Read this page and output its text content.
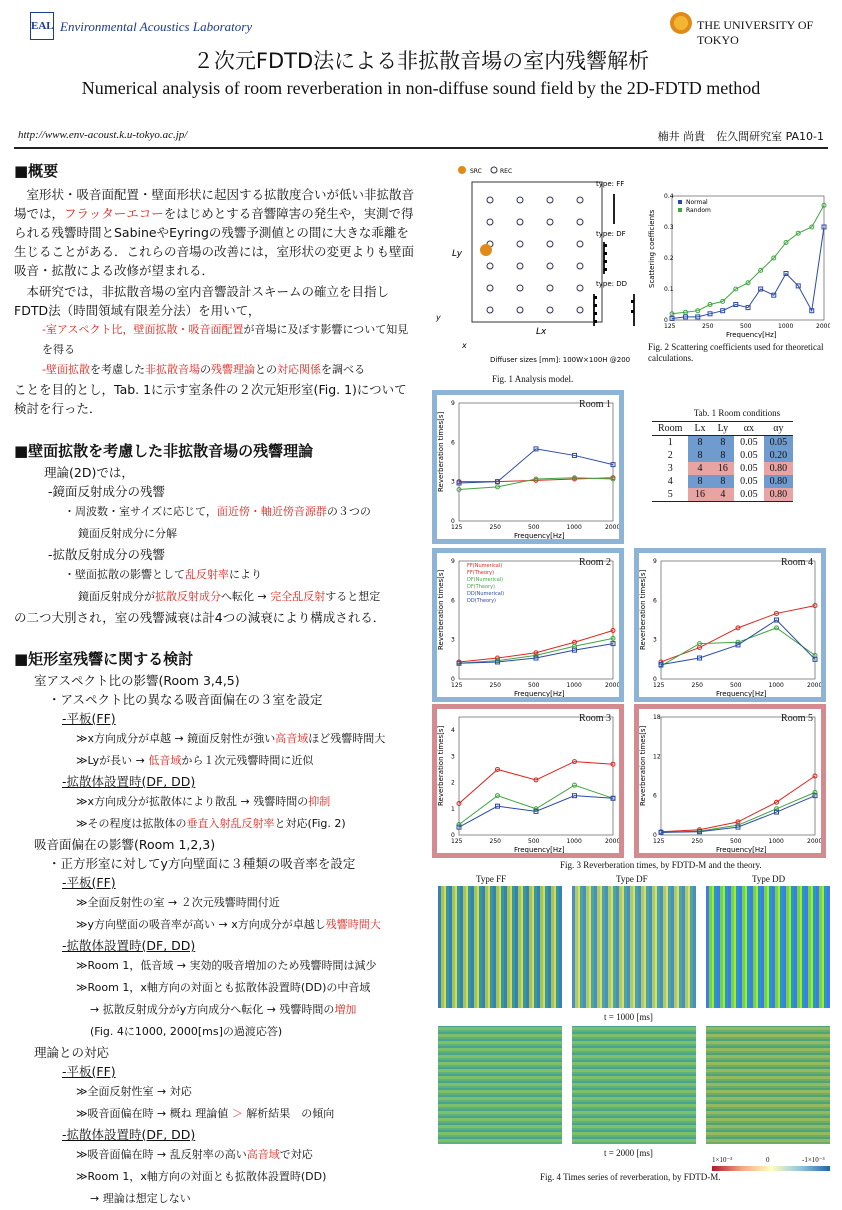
EAL Environmental Acoustics Laboratory	THE UNIVERSITY OF TOKYO
２次元FDTD法による非拡散音場の室内残響解析
Numerical analysis of room reverberation in non-diffuse sound field by the 2D-FDTD method
http://www.env-acoust.k.u-tokyo.ac.jp/	楠井 尚貴　佐久間研究室 PA10-1
■概要
　室形状・吸音面配置・壁面形状に起因する拡散度合いが低い非拡散音場では，フラッターエコーをはじめとする音響障害の発生や，実測で得られる残響時間とSabineやEyringの残響予測値との間に大きな乖離を生じることがある．これらの音場の改善には，室形状の変更よりも壁面吸音・拡散による改修が望まれる．
　本研究では，非拡散音場の室内音響設計スキームの確立を目指しFDTD法（時間領域有限差分法）を用いて，
-室アスペクト比，壁面拡散・吸音面配置が音場に及ぼす影響について知見を得る
-壁面拡散を考慮した非拡散音場の残響理論との対応関係を調べる
ことを目的とし，Tab. 1に示す室条件の２次元矩形室(Fig. 1)について検討を行った．
■壁面拡散を考慮した非拡散音場の残響理論
理論(2D)では，
-鏡面反射成分の残響
・周波数・室サイズに応じて，面近傍・軸近傍音源群の３つの
鏡面反射成分に分解
-拡散反射成分の残響
・壁面拡散の影響として乱反射率により
鏡面反射成分が拡散反射成分へ転化 → 完全乱反射すると想定
の二つ大別され，室の残響減衰は計4つの減衰により構成される．
■矩形室残響に関する検討
室アスペクト比の影響(Room 3,4,5)
・アスペクト比の異なる吸音面偏在の３室を設定
-平板(FF)
≫x方向成分が卓越 → 鏡面反射性が強い高音域ほど残響時間大
≫Lyが長い → 低音域から１次元残響時間に近似
-拡散体設置時(DF, DD)
≫x方向成分が拡散体により散乱 → 残響時間の抑制
≫その程度は拡散体の垂直入射乱反射率と対応(Fig. 2)
吸音面偏在の影響(Room 1,2,3)
・正方形室に対してy方向壁面に３種類の吸音率を設定
-平板(FF)
≫全面反射性の室 → ２次元残響時間付近
≫y方向壁面の吸音率が高い → x方向成分が卓越し残響時間大
-拡散体設置時(DF, DD)
≫Room 1，低音域 → 実効的吸音増加のため残響時間は減少
≫Room 1，x軸方向の対面とも拡散体設置時(DD)の中音域
→ 拡散反射成分がy方向成分へ転化 → 残響時間の増加
(Fig. 4に1000, 2000[ms]の過渡応答)
理論との対応
-平板(FF)
≫全面反射性室 → 対応
≫吸音面偏在時 → 概ね 理論値 ＞ 解析結果　の傾向
-拡散体設置時(DF, DD)
≫吸音面偏在時 → 乱反射率の高い高音域で対応
≫Room 1，x軸方向の対面とも拡散体設置時(DD)
→ 理論は想定しない
SRC	REC
Lx
Ly
x
y
type: FF
type: DF
type: DD
Diffuser sizes [mm]: 100W×100H @200
Fig. 1 Analysis model.
125	250	500	1000	2000
0
0.1
0.2
0.3
0.4
Frequency[Hz]
Scattering coefficients
Normal
Random
Fig. 2 Scattering coefficients used for theoretical calculations.
Tab. 1 Room conditions
Room	Lx	Ly	αx	αy
1	8	8	0.05	0.05
2	8	8	0.05	0.20
3	4	16	0.05	0.80
4	8	8	0.05	0.80
5	16	4	0.05	0.80
125	250	500	1000	2000
0
3
6
9
Frequency[Hz]
Reverberation times[s]
Room 1
125	250	500	1000	2000
0
3
6
9
Frequency[Hz]
Reverberation times[s]
FF(Numerical)
FF(Theory)
DF(Numerical)
DF(Theory)
DD(Numerical)
DD(Theory)
Room 2
125	250	500	1000	2000
0
3
6
9
Frequency[Hz]
Reverberation times[s]
Room 4
125	250	500	1000	2000
0
1
2
3
4
Frequency[Hz]
Reverberation times[s]
Room 3
125	250	500	1000	2000
0
6
12
18
Frequency[Hz]
Reverberation times[s]
Room 5
Fig. 3 Reverberation times, by FDTD-M and the theory.
Type FF	Type DF	Type DD
t = 1000 [ms]
t = 2000 [ms]
1×10⁻³	0	-1×10⁻³
Fig. 4 Times series of reverberation, by FDTD-M.
